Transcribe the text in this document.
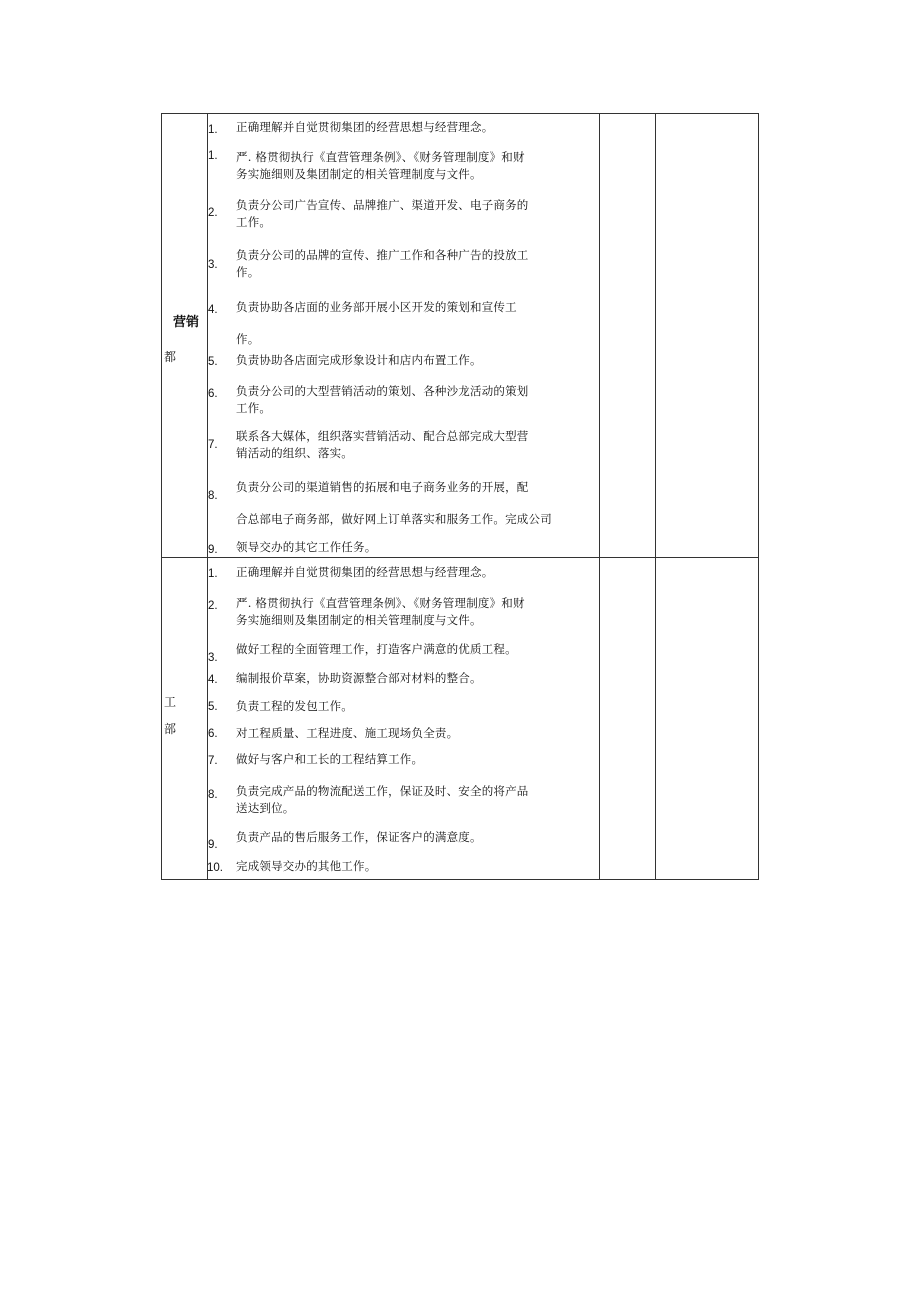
营销
都
1. 正确理解并自觉贯彻集团的经营思想与经营理念。
1. 严. 格贯彻执行《直营管理条例》、《财务管理制度》和财
务实施细则及集团制定的相关管理制度与文件。
2.
负责分公司广告宣传、品牌推广、渠道开发、电子商务的
工作。
3.
负责分公司的品牌的宣传、推广工作和各种广告的投放工
作。
4. 负责协助各店面的业务部开展小区开发的策划和宣传工
作。
5. 负责协助各店面完成形象设计和店内布置工作。
6. 负责分公司的大型营销活动的策划、各种沙龙活动的策划
工作。
7.
联系各大媒体，组织落实营销活动、配合总部完成大型营
销活动的组织、落实。
8.
负责分公司的渠道销售的拓展和电子商务业务的开展，配
合总部电子商务部，做好网上订单落实和服务工作。完成公司
9. 领导交办的其它工作任务。
工
部
1. 正确理解并自觉贯彻集团的经营思想与经营理念。
2. 严. 格贯彻执行《直营管理条例》、《财务管理制度》和财
务实施细则及集团制定的相关管理制度与文件。
3.
做好工程的全面管理工作，打造客户满意的优质工程。
4. 编制报价草案，协助资源整合部对材料的整合。
5. 负责工程的发包工作。
6. 对工程质量、工程进度、施工现场负全责。
7. 做好与客户和工长的工程结算工作。
8. 负责完成产品的物流配送工作，保证及时、安全的将产品
送达到位。
9.
负责产品的售后服务工作，保证客户的满意度。
10. 完成领导交办的其他工作。
